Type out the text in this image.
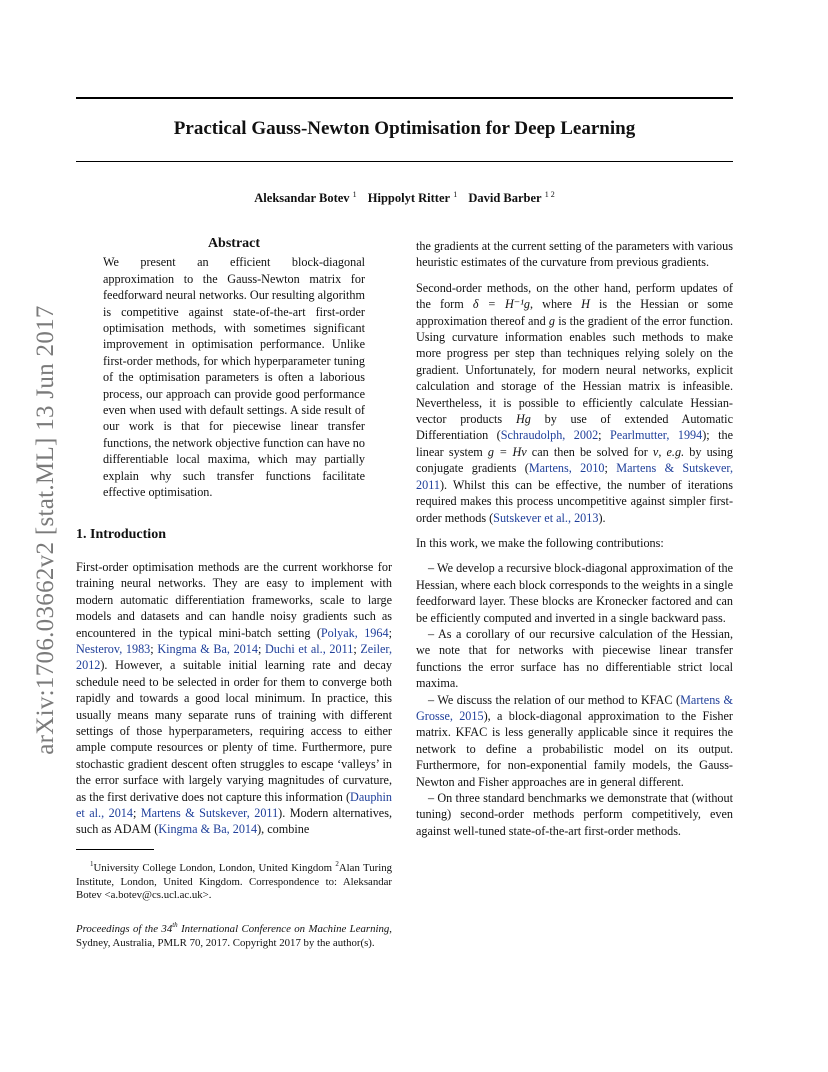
Practical Gauss-Newton Optimisation for Deep Learning
Aleksandar Botev $^1$ Hippolyt Ritter $^1$ David Barber $^{1 2}$
arXiv:1706.03662v2 [stat.ML] 13 Jun 2017
Abstract

We present an efficient block-diagonal approximation to the Gauss-Newton matrix for feedforward neural networks. Our resulting algorithm is competitive against state-of-the-art first-order optimisation methods, with sometimes significant improvement in optimisation performance. Unlike first-order methods, for which hyperparameter tuning of the optimisation parameters is often a laborious process, our approach can provide good performance even when used with default settings. A side result of our work is that for piecewise linear transfer functions, the network objective function can have no differentiable local maxima, which may partially explain why such transfer functions facilitate effective optimisation.

1. Introduction

First-order optimisation methods are the current workhorse for training neural networks. They are easy to implement with modern automatic differentiation frameworks, scale to large models and datasets and can handle noisy gradients such as encountered in the typical mini-batch setting (Polyak, 1964; Nesterov, 1983; Kingma & Ba, 2014; Duchi et al., 2011; Zeiler, 2012). However, a suitable initial learning rate and decay schedule need to be selected in order for them to converge both rapidly and towards a good local minimum. In practice, this usually means many separate runs of training with different settings of those hyperparameters, requiring access to either ample compute resources or plenty of time. Furthermore, pure stochastic gradient descent often struggles to escape ‘valleys’ in the error surface with largely varying magnitudes of curvature, as the first derivative does not capture this information (Dauphin et al., 2014; Martens & Sutskever, 2011). Modern alternatives, such as ADAM (Kingma & Ba, 2014), combine

$^1$University College London, London, United Kingdom $^2$Alan Turing Institute, London, United Kingdom. Correspondence to: Aleksandar Botev <a.botev@cs.ucl.ac.uk>.

Proceedings of the 34th International Conference on Machine Learning, Sydney, Australia, PMLR 70, 2017. Copyright 2017 by the author(s).

the gradients at the current setting of the parameters with various heuristic estimates of the curvature from previous gradients.

Second-order methods, on the other hand, perform updates of the form δ = H⁻¹g, where H is the Hessian or some approximation thereof and g is the gradient of the error function. Using curvature information enables such methods to make more progress per step than techniques relying solely on the gradient. Unfortunately, for modern neural networks, explicit calculation and storage of the Hessian matrix is infeasible. Nevertheless, it is possible to efficiently calculate Hessian-vector products Hg by use of extended Automatic Differentiation (Schraudolph, 2002; Pearlmutter, 1994); the linear system g = Hv can then be solved for v, e.g. by using conjugate gradients (Martens, 2010; Martens & Sutskever, 2011). Whilst this can be effective, the number of iterations required makes this process uncompetitive against simpler first-order methods (Sutskever et al., 2013).

In this work, we make the following contributions:

– We develop a recursive block-diagonal approximation of the Hessian, where each block corresponds to the weights in a single feedforward layer. These blocks are Kronecker factored and can be efficiently computed and inverted in a single backward pass.

– As a corollary of our recursive calculation of the Hessian, we note that for networks with piecewise linear transfer functions the error surface has no differentiable strict local maxima.

– We discuss the relation of our method to KFAC (Martens & Grosse, 2015), a block-diagonal approximation to the Fisher matrix. KFAC is less generally applicable since it requires the network to define a probabilistic model on its output. Furthermore, for non-exponential family models, the Gauss-Newton and Fisher approaches are in general different.

– On three standard benchmarks we demonstrate that (without tuning) second-order methods perform competitively, even against well-tuned state-of-the-art first-order methods.
